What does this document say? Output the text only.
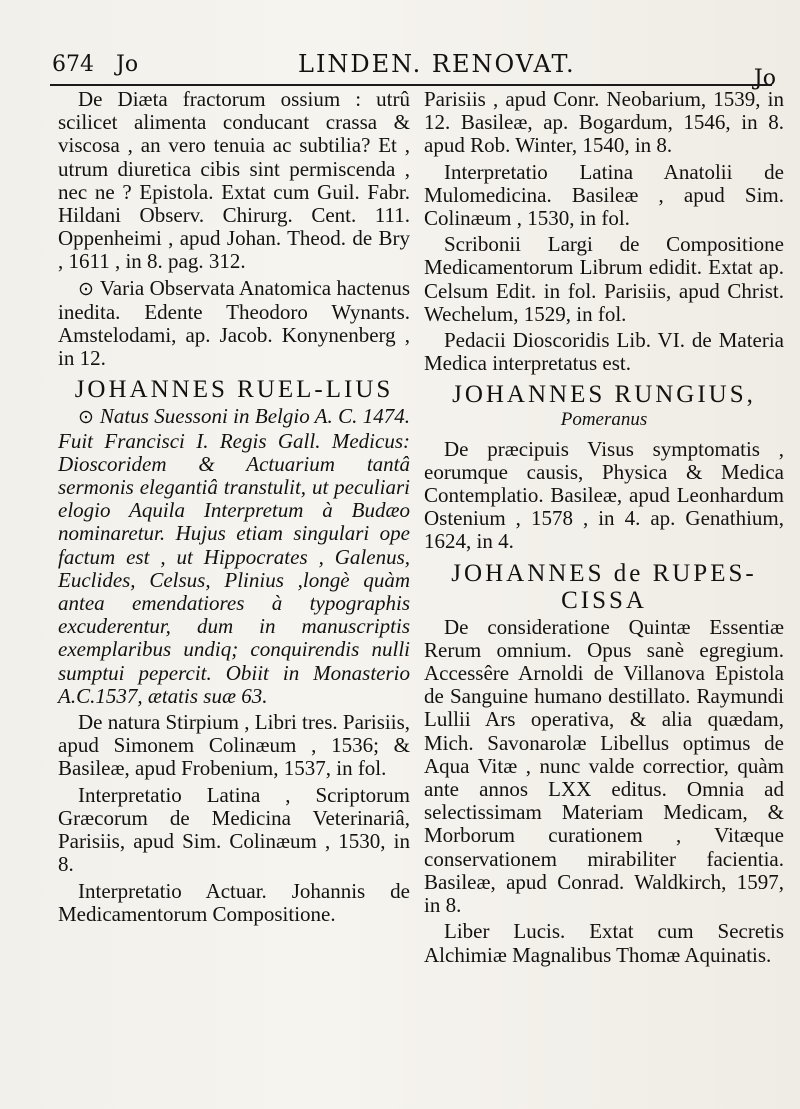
674 Jo	LINDEN. RENOVAT.
Jo

De Diæta fractorum ossium : utrû scilicet alimenta conducant crassa & viscosa , an vero tenuia ac subtilia? Et , utrum diuretica cibis sint permiscenda , nec ne ? Epistola. Extat cum Guil. Fabr. Hildani Observ. Chirurg. Cent. 111. Oppenheimi , apud Johan. Theod. de Bry , 1611 , in 8. pag. 312.

⊙ Varia Observata Anatomica hactenus inedita. Edente Theodoro Wynants. Amstelodami, ap. Jacob. Konynenberg , in 12.

JOHANNES RUEL-LIUS

⊙ Natus Suessoni in Belgio A. C. 1474. Fuit Francisci I. Regis Gall. Medicus: Dioscoridem & Actuarium tantâ sermonis elegantiâ transtulit, ut peculiari elogio Aquila Interpretum à Budæo nominaretur. Hujus etiam singulari ope factum est , ut Hippocrates , Galenus, Euclides, Celsus, Plinius ,longè quàm antea emendatiores à typographis excuderentur, dum in manuscriptis exemplaribus undiq; conquirendis nulli sumptui pepercit. Obiit in Monasterio A.C.1537, ætatis suæ 63.

De natura Stirpium , Libri tres. Parisiis, apud Simonem Colinæum , 1536; & Basileæ, apud Frobenium, 1537, in fol.

Interpretatio Latina , Scriptorum Græcorum de Medicina Veterinariâ, Parisiis, apud Sim. Colinæum , 1530, in 8.

Interpretatio Actuar. Johannis de Medicamentorum Compositione.

Parisiis , apud Conr. Neobarium, 1539, in 12. Basileæ, ap. Bogardum, 1546, in 8. apud Rob. Winter, 1540, in 8.

Interpretatio Latina Anatolii de Mulomedicina. Basileæ , apud Sim. Colinæum , 1530, in fol.

Scribonii Largi de Compositione Medicamentorum Librum edidit. Extat ap. Celsum Edit. in fol. Parisiis, apud Christ. Wechelum, 1529, in fol.

Pedacii Dioscoridis Lib. VI. de Materia Medica interpretatus est.

JOHANNES RUNGIUS,
Pomeranus

De præcipuis Visus symptomatis , eorumque causis, Physica & Medica Contemplatio. Basileæ, apud Leonhardum Ostenium , 1578 , in 4. ap. Genathium, 1624, in 4.

JOHANNES de RUPES-CISSA

De consideratione Quintæ Essentiæ Rerum omnium. Opus sanè egregium. Accessêre Arnoldi de Villanova Epistola de Sanguine humano destillato. Raymundi Lullii Ars operativa, & alia quædam, Mich. Savonarolæ Libellus optimus de Aqua Vitæ , nunc valde correctior, quàm ante annos LXX editus. Omnia ad selectissimam Materiam Medicam, & Morborum curationem , Vitæque conservationem mirabiliter facientia. Basileæ, apud Conrad. Waldkirch, 1597, in 8.

Liber Lucis. Extat cum Secretis Alchimiæ Magnalibus Thomæ Aquinatis.
